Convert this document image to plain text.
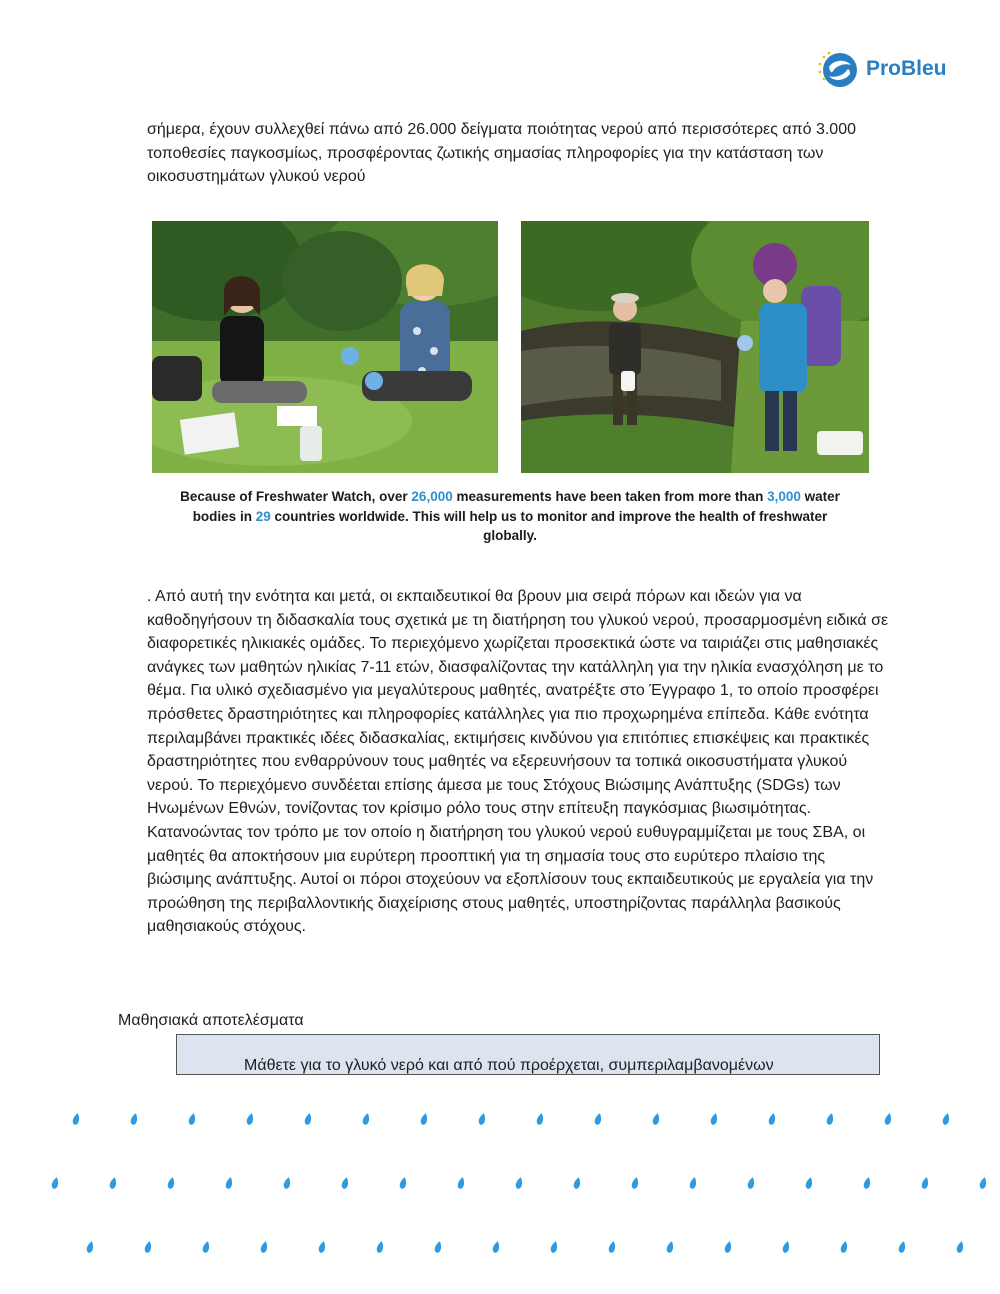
ProBleu

σήμερα, έχουν συλλεχθεί πάνω από 26.000 δείγματα ποιότητας νερού από περισσότερες από 3.000 τοποθεσίες παγκοσμίως, προσφέροντας ζωτικής σημασίας πληροφορίες για την κατάσταση των οικοσυστημάτων γλυκού νερού

Because of Freshwater Watch, over 26,000 measurements have been taken from more than 3,000 water bodies in 29 countries worldwide. This will help us to monitor and improve the health of freshwater globally.

. Από αυτή την ενότητα και μετά, οι εκπαιδευτικοί θα βρουν μια σειρά πόρων και ιδεών για να καθοδηγήσουν τη διδασκαλία τους σχετικά με τη διατήρηση του γλυκού νερού, προσαρμοσμένη ειδικά σε διαφορετικές ηλικιακές ομάδες. Το περιεχόμενο χωρίζεται προσεκτικά ώστε να ταιριάζει στις μαθησιακές ανάγκες των μαθητών ηλικίας 7-11 ετών, διασφαλίζοντας την κατάλληλη για την ηλικία ενασχόληση με το θέμα. Για υλικό σχεδιασμένο για μεγαλύτερους μαθητές, ανατρέξτε στο Έγγραφο 1, το οποίο προσφέρει πρόσθετες δραστηριότητες και πληροφορίες κατάλληλες για πιο προχωρημένα επίπεδα. Κάθε ενότητα περιλαμβάνει πρακτικές ιδέες διδασκαλίας, εκτιμήσεις κινδύνου για επιτόπιες επισκέψεις και πρακτικές δραστηριότητες που ενθαρρύνουν τους μαθητές να εξερευνήσουν τα τοπικά οικοσυστήματα γλυκού νερού. Το περιεχόμενο συνδέεται επίσης άμεσα με τους Στόχους Βιώσιμης Ανάπτυξης (SDGs) των Ηνωμένων Εθνών, τονίζοντας τον κρίσιμο ρόλο τους στην επίτευξη παγκόσμιας βιωσιμότητας. Κατανοώντας τον τρόπο με τον οποίο η διατήρηση του γλυκού νερού ευθυγραμμίζεται με τους ΣΒΑ, οι μαθητές θα αποκτήσουν μια ευρύτερη προοπτική για τη σημασία τους στο ευρύτερο πλαίσιο της βιώσιμης ανάπτυξης. Αυτοί οι πόροι στοχεύουν να εξοπλίσουν τους εκπαιδευτικούς με εργαλεία για την προώθηση της περιβαλλοντικής διαχείρισης στους μαθητές, υποστηρίζοντας παράλληλα βασικούς μαθησιακούς στόχους.

Μαθησιακά αποτελέσματα

Μάθετε για το γλυκό νερό και από πού προέρχεται, συμπεριλαμβανομένων
